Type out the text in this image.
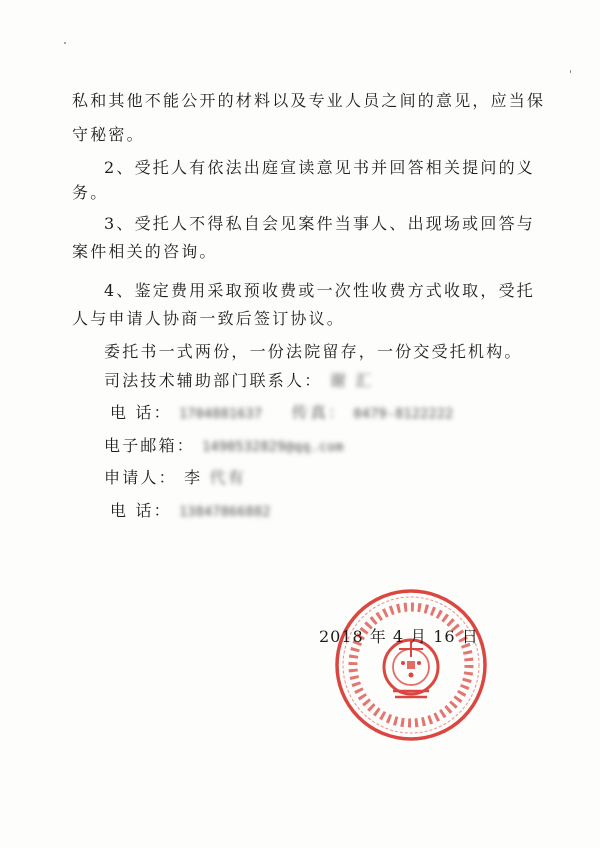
私和其他不能公开的材料以及专业人员之间的意见，应当保
守秘密。
2、受托人有依法出庭宣读意见书并回答相关提问的义
务。
3、受托人不得私自会见案件当事人、出现场或回答与
案件相关的咨询。
4、鉴定费用采取预收费或一次性收费方式收取，受托
人与申请人协商一致后签订协议。
委托书一式两份，一份法院留存，一份交受托机构。
司法技术辅助部门联系人： 谢 汇
电 话： 1704881637 传真： 0479-8122222
电子邮箱： 1490532829@qq.com
申请人： 李 代有
电 话： 13847866882
2018 年 4 月 16 日
